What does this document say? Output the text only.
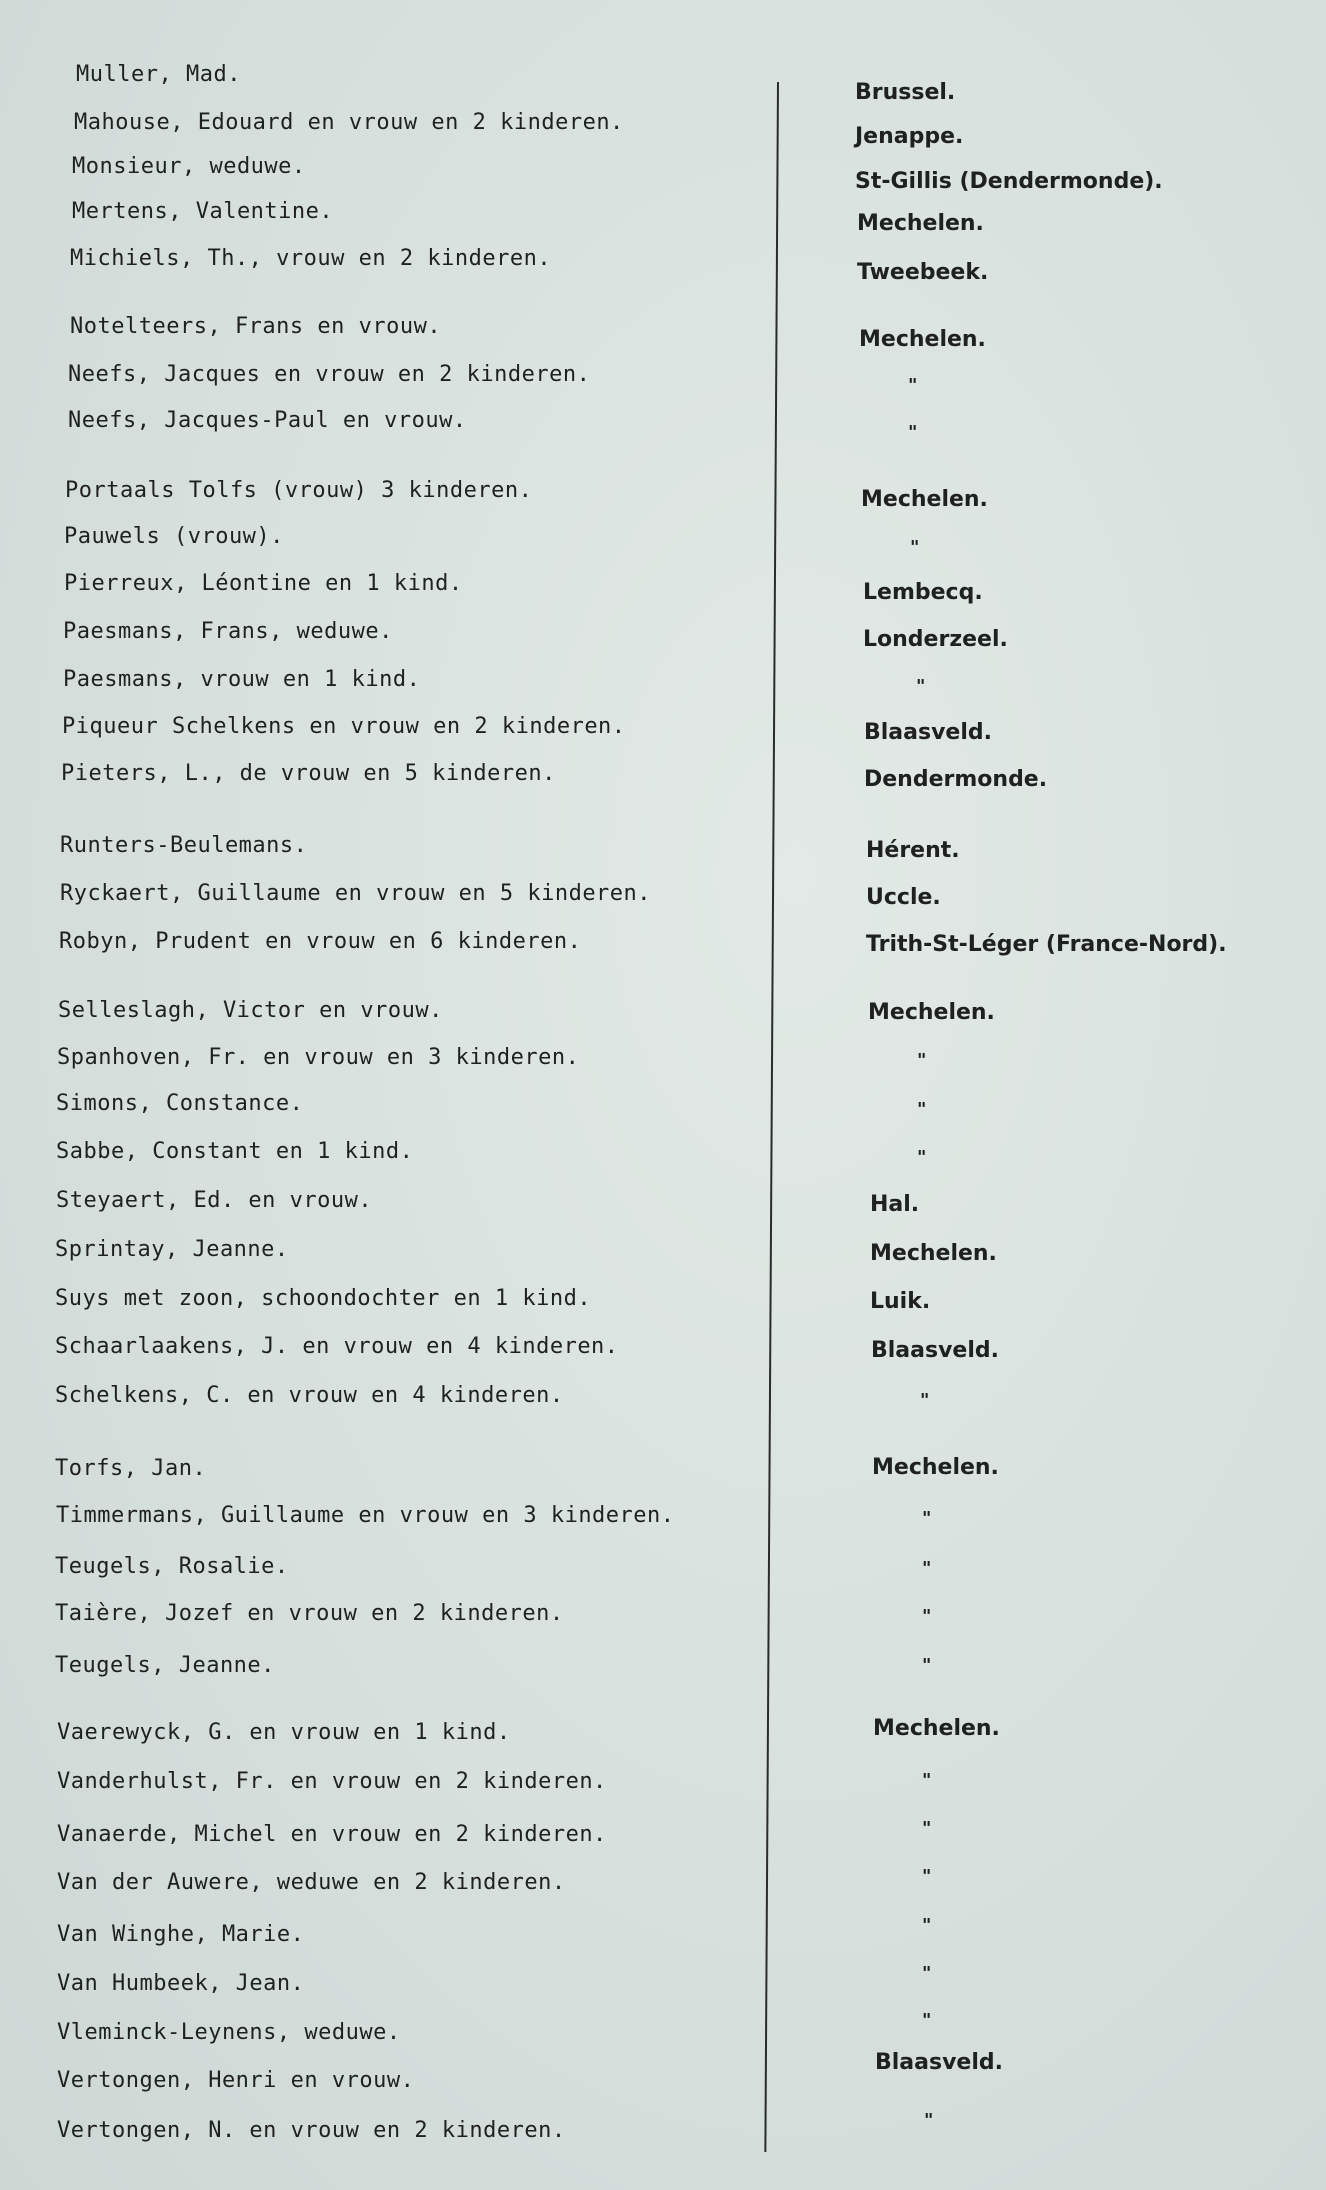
Muller, Mad.
Mahouse, Edouard en vrouw en 2 kinderen.
Monsieur, weduwe.
Mertens, Valentine.
Michiels, Th., vrouw en 2 kinderen.
Notelteers, Frans en vrouw.
Neefs, Jacques en vrouw en 2 kinderen.
Neefs, Jacques-Paul en vrouw.
Portaals Tolfs (vrouw) 3 kinderen.
Pauwels (vrouw).
Pierreux, Léontine en 1 kind.
Paesmans, Frans, weduwe.
Paesmans, vrouw en 1 kind.
Piqueur Schelkens en vrouw en 2 kinderen.
Pieters, L., de vrouw en 5 kinderen.
Runters-Beulemans.
Ryckaert, Guillaume en vrouw en 5 kinderen.
Robyn, Prudent en vrouw en 6 kinderen.
Selleslagh, Victor en vrouw.
Spanhoven, Fr. en vrouw en 3 kinderen.
Simons, Constance.
Sabbe, Constant en 1 kind.
Steyaert, Ed. en vrouw.
Sprintay, Jeanne.
Suys met zoon, schoondochter en 1 kind.
Schaarlaakens, J. en vrouw en 4 kinderen.
Schelkens, C. en vrouw en 4 kinderen.
Torfs, Jan.
Timmermans, Guillaume en vrouw en 3 kinderen.
Teugels, Rosalie.
Taière, Jozef en vrouw en 2 kinderen.
Teugels, Jeanne.
Vaerewyck, G. en vrouw en 1 kind.
Vanderhulst, Fr. en vrouw en 2 kinderen.
Vanaerde, Michel en vrouw en 2 kinderen.
Van der Auwere, weduwe en 2 kinderen.
Van Winghe, Marie.
Van Humbeek, Jean.
Vleminck-Leynens, weduwe.
Vertongen, Henri en vrouw.
Vertongen, N. en vrouw en 2 kinderen.
Brussel.
Jenappe.
St-Gillis (Dendermonde).
Mechelen.
Tweebeek.
Mechelen.
"
"
Mechelen.
"
Lembecq.
Londerzeel.
"
Blaasveld.
Dendermonde.
Hérent.
Uccle.
Trith-St-Léger (France-Nord).
Mechelen.
"
"
"
Hal.
Mechelen.
Luik.
Blaasveld.
"
Mechelen.
"
"
"
"
Mechelen.
"
"
"
"
"
"
Blaasveld.
"
